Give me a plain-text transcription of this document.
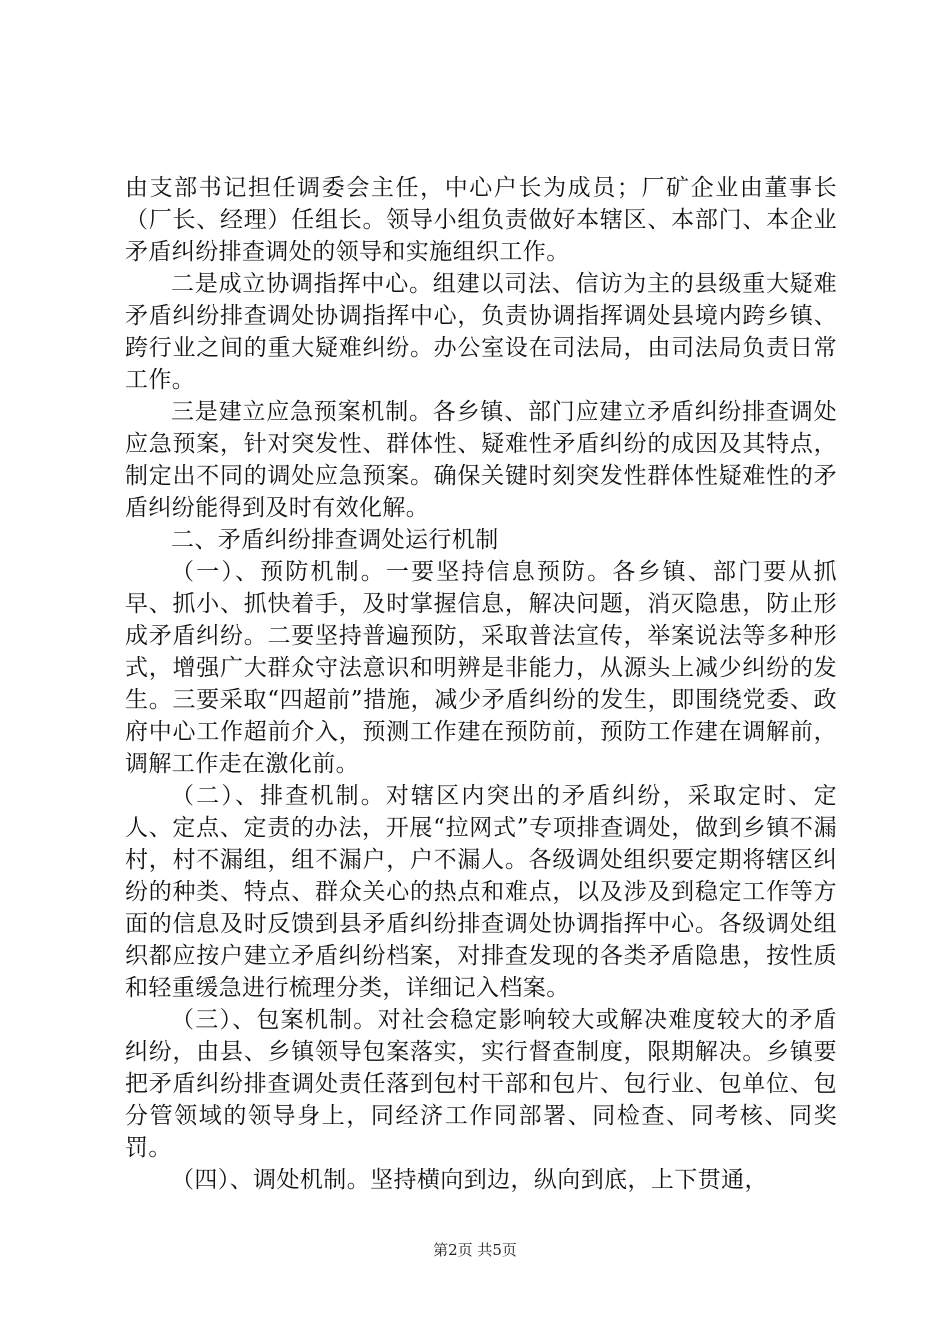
由支部书记担任调委会主任，中心户长为成员；厂矿企业由董事长（厂长、经理）任组长。领导小组负责做好本辖区、本部门、本企业矛盾纠纷排查调处的领导和实施组织工作。

二是成立协调指挥中心。组建以司法、信访为主的县级重大疑难矛盾纠纷排查调处协调指挥中心，负责协调指挥调处县境内跨乡镇、跨行业之间的重大疑难纠纷。办公室设在司法局，由司法局负责日常工作。

三是建立应急预案机制。各乡镇、部门应建立矛盾纠纷排查调处应急预案，针对突发性、群体性、疑难性矛盾纠纷的成因及其特点，制定出不同的调处应急预案。确保关键时刻突发性群体性疑难性的矛盾纠纷能得到及时有效化解。

二、矛盾纠纷排查调处运行机制

（一）、预防机制。一要坚持信息预防。各乡镇、部门要从抓早、抓小、抓快着手，及时掌握信息，解决问题，消灭隐患，防止形成矛盾纠纷。二要坚持普遍预防，采取普法宣传，举案说法等多种形式，增强广大群众守法意识和明辨是非能力，从源头上减少纠纷的发生。三要采取“四超前”措施，减少矛盾纠纷的发生，即围绕党委、政府中心工作超前介入，预测工作建在预防前，预防工作建在调解前，调解工作走在激化前。

（二）、排查机制。对辖区内突出的矛盾纠纷，采取定时、定人、定点、定责的办法，开展“拉网式”专项排查调处，做到乡镇不漏村，村不漏组，组不漏户，户不漏人。各级调处组织要定期将辖区纠纷的种类、特点、群众关心的热点和难点，以及涉及到稳定工作等方面的信息及时反馈到县矛盾纠纷排查调处协调指挥中心。各级调处组织都应按户建立矛盾纠纷档案，对排查发现的各类矛盾隐患，按性质和轻重缓急进行梳理分类，详细记入档案。

（三）、包案机制。对社会稳定影响较大或解决难度较大的矛盾纠纷，由县、乡镇领导包案落实，实行督查制度，限期解决。乡镇要把矛盾纠纷排查调处责任落到包村干部和包片、包行业、包单位、包分管领域的领导身上，同经济工作同部署、同检查、同考核、同奖罚。

（四）、调处机制。坚持横向到边，纵向到底，上下贯通，

第2页 共5页
